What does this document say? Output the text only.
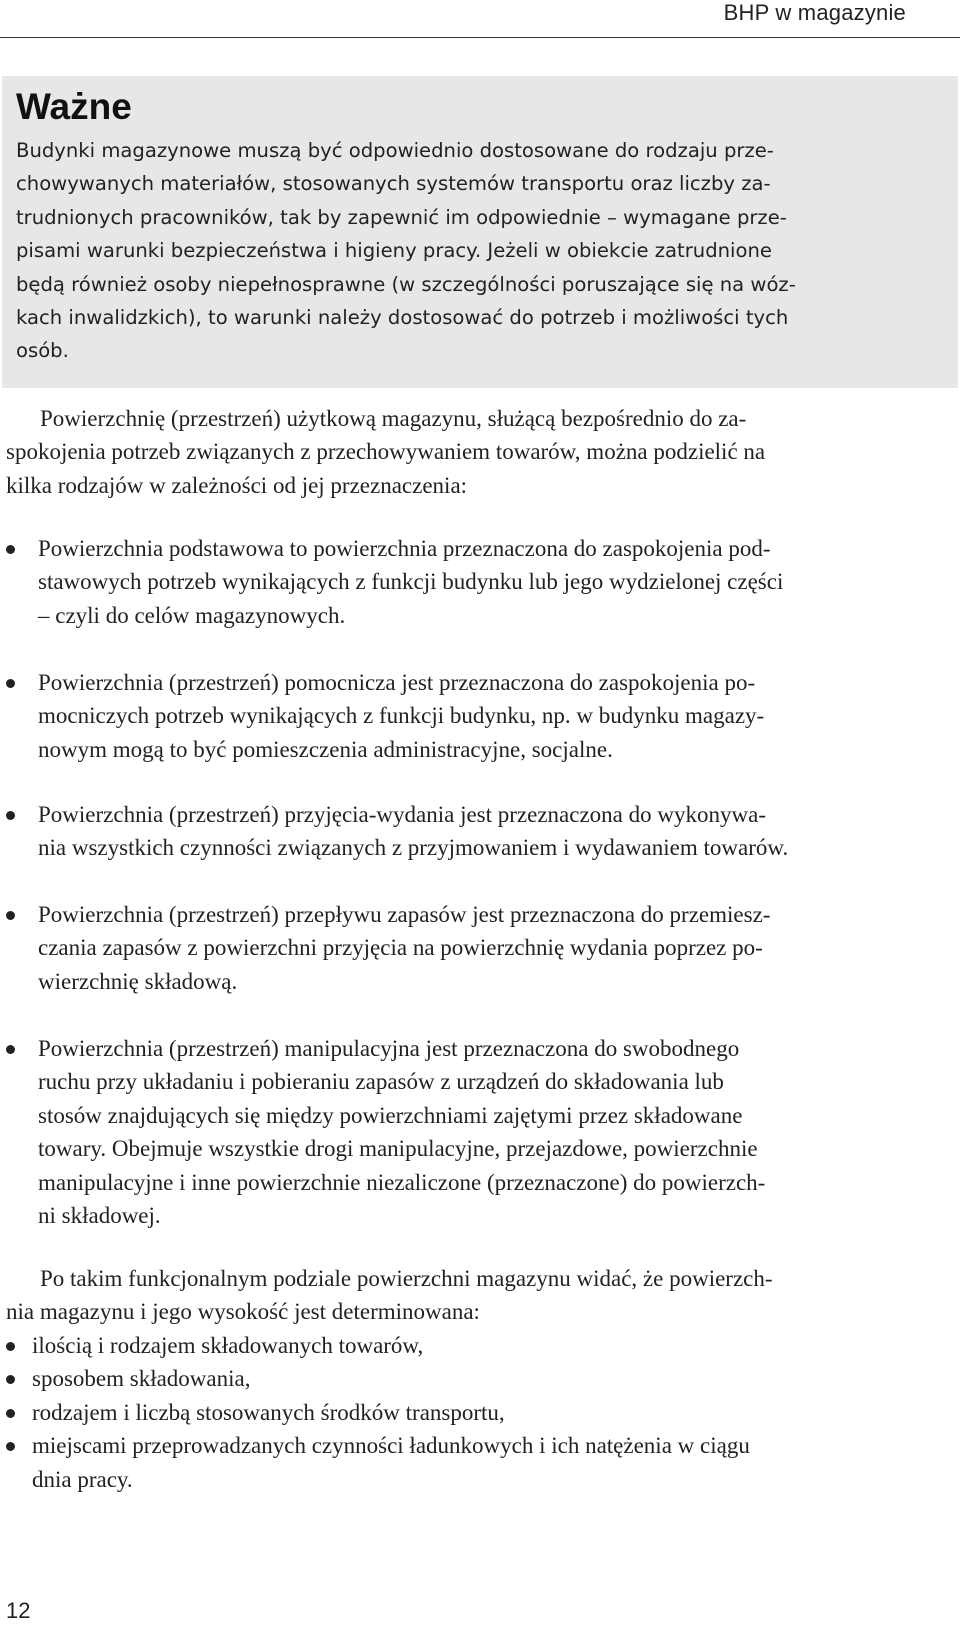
BHP w magazynie
Ważne
Budynki magazynowe muszą być odpowiednio dostosowane do rodzaju prze-
chowywanych materiałów, stosowanych systemów transportu oraz liczby za-
trudnionych pracowników, tak by zapewnić im odpowiednie – wymagane prze-
pisami warunki bezpieczeństwa i higieny pracy. Jeżeli w obiekcie zatrudnione
będą również osoby niepełnosprawne (w szczególności poruszające się na wóz-
kach inwalidzkich), to warunki należy dostosować do potrzeb i możliwości tych
osób.
Powierzchnię (przestrzeń) użytkową magazynu, służącą bezpośrednio do za-
spokojenia potrzeb związanych z przechowywaniem towarów, można podzielić na
kilka rodzajów w zależności od jej przeznaczenia:
Powierzchnia podstawowa to powierzchnia przeznaczona do zaspokojenia pod-
stawowych potrzeb wynikających z funkcji budynku lub jego wydzielonej części
– czyli do celów magazynowych.
Powierzchnia (przestrzeń) pomocnicza jest przeznaczona do zaspokojenia po-
mocniczych potrzeb wynikających z funkcji budynku, np. w budynku magazy-
nowym mogą to być pomieszczenia administracyjne, socjalne.
Powierzchnia (przestrzeń) przyjęcia-wydania jest przeznaczona do wykonywa-
nia wszystkich czynności związanych z przyjmowaniem i wydawaniem towarów.
Powierzchnia (przestrzeń) przepływu zapasów jest przeznaczona do przemiesz-
czania zapasów z powierzchni przyjęcia na powierzchnię wydania poprzez po-
wierzchnię składową.
Powierzchnia (przestrzeń) manipulacyjna jest przeznaczona do swobodnego
ruchu przy układaniu i pobieraniu zapasów z urządzeń do składowania lub
stosów znajdujących się między powierzchniami zajętymi przez składowane
towary. Obejmuje wszystkie drogi manipulacyjne, przejazdowe, powierzchnie
manipulacyjne i inne powierzchnie niezaliczone (przeznaczone) do powierzch-
ni składowej.
Po takim funkcjonalnym podziale powierzchni magazynu widać, że powierzch-
nia magazynu i jego wysokość jest determinowana:
ilością i rodzajem składowanych towarów,
sposobem składowania,
rodzajem i liczbą stosowanych środków transportu,
miejscami przeprowadzanych czynności ładunkowych i ich natężenia w ciągu
dnia pracy.
12
